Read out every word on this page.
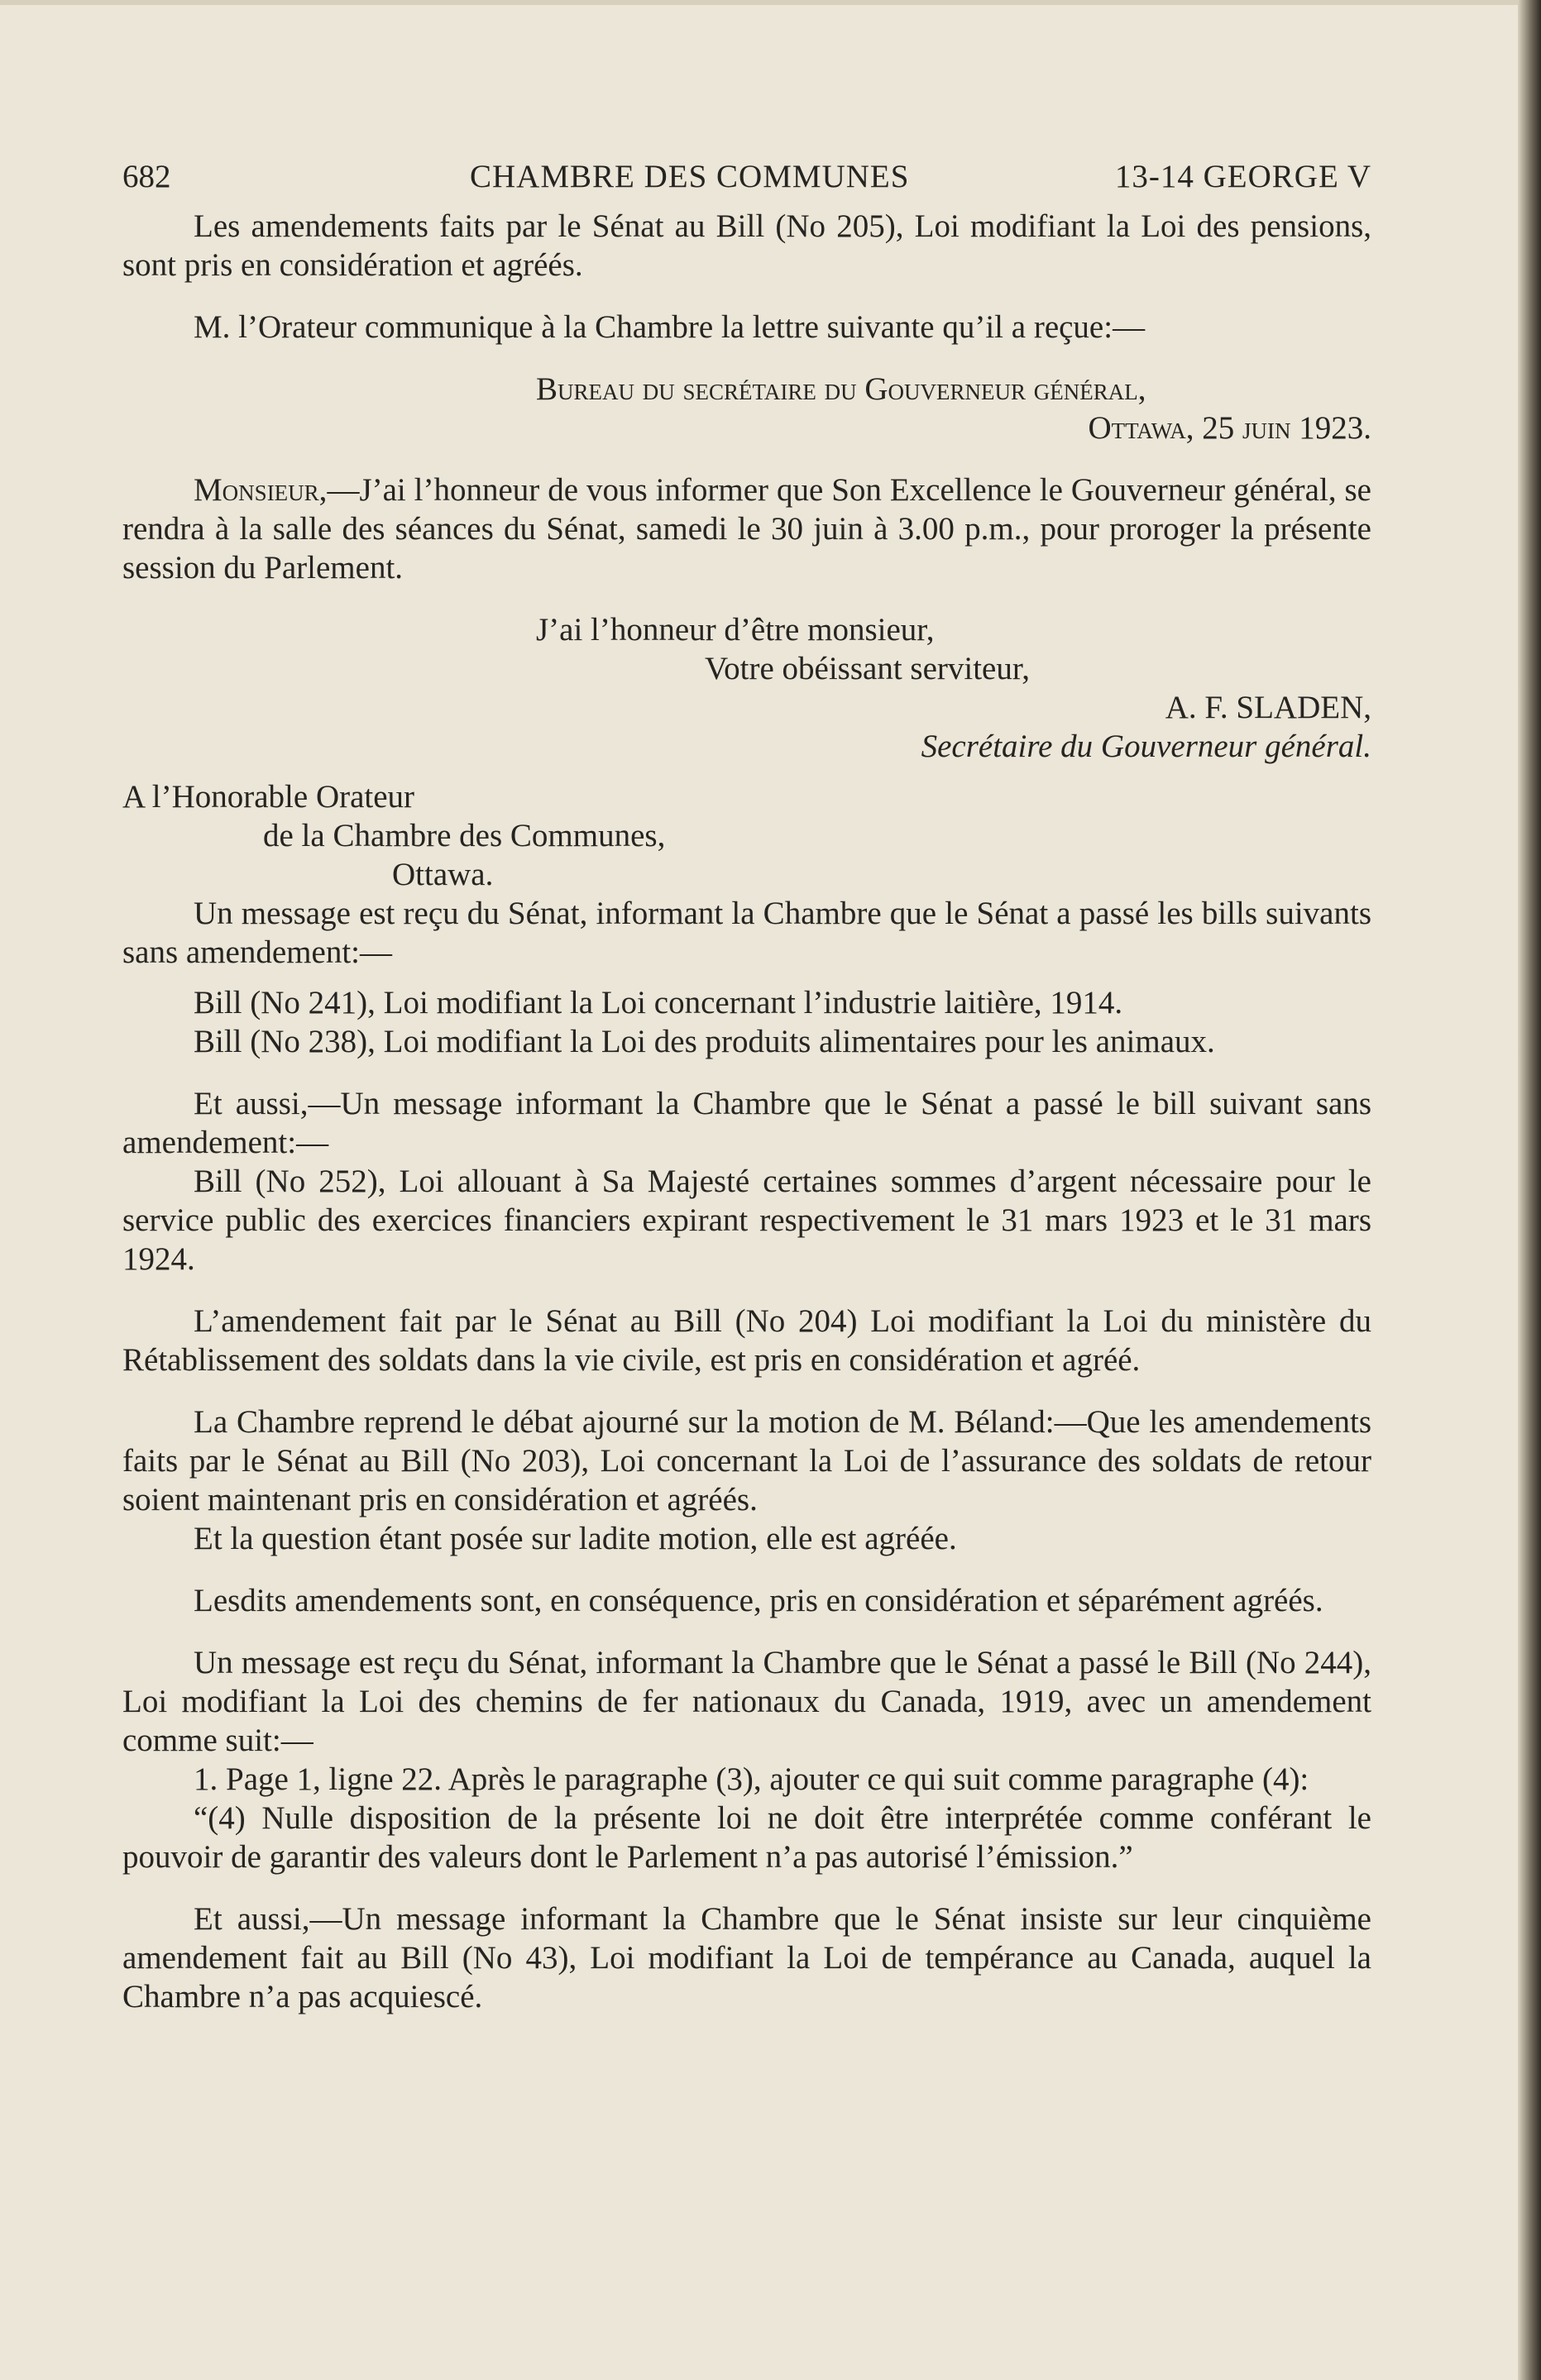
682	CHAMBRE DES COMMUNES	13-14 GEORGE V

Les amendements faits par le Sénat au Bill (No 205), Loi modifiant la Loi des pensions, sont pris en considération et agréés.

M. l’Orateur communique à la Chambre la lettre suivante qu’il a reçue:—

Bureau du secrétaire du Gouverneur général,

Ottawa, 25 juin 1923.

Monsieur,—J’ai l’honneur de vous informer que Son Excellence le Gouverneur général, se rendra à la salle des séances du Sénat, samedi le 30 juin à 3.00 p.m., pour proroger la présente session du Parlement.

J’ai l’honneur d’être monsieur,

Votre obéissant serviteur,

A. F. SLADEN,

Secrétaire du Gouverneur général.

A l’Honorable Orateur

de la Chambre des Communes,

Ottawa.

Un message est reçu du Sénat, informant la Chambre que le Sénat a passé les bills suivants sans amendement:—

Bill (No 241), Loi modifiant la Loi concernant l’industrie laitière, 1914.

Bill (No 238), Loi modifiant la Loi des produits alimentaires pour les animaux.

Et aussi,—Un message informant la Chambre que le Sénat a passé le bill suivant sans amendement:—

Bill (No 252), Loi allouant à Sa Majesté certaines sommes d’argent nécessaire pour le service public des exercices financiers expirant respectivement le 31 mars 1923 et le 31 mars 1924.

L’amendement fait par le Sénat au Bill (No 204) Loi modifiant la Loi du ministère du Rétablissement des soldats dans la vie civile, est pris en considération et agréé.

La Chambre reprend le débat ajourné sur la motion de M. Béland:—Que les amendements faits par le Sénat au Bill (No 203), Loi concernant la Loi de l’assurance des soldats de retour soient maintenant pris en considération et agréés.

Et la question étant posée sur ladite motion, elle est agréée.

Lesdits amendements sont, en conséquence, pris en considération et séparément agréés.

Un message est reçu du Sénat, informant la Chambre que le Sénat a passé le Bill (No 244), Loi modifiant la Loi des chemins de fer nationaux du Canada, 1919, avec un amendement comme suit:—

1. Page 1, ligne 22. Après le paragraphe (3), ajouter ce qui suit comme paragraphe (4):

“(4) Nulle disposition de la présente loi ne doit être interprétée comme conférant le pouvoir de garantir des valeurs dont le Parlement n’a pas autorisé l’émission.”

Et aussi,—Un message informant la Chambre que le Sénat insiste sur leur cinquième amendement fait au Bill (No 43), Loi modifiant la Loi de tempérance au Canada, auquel la Chambre n’a pas acquiescé.
